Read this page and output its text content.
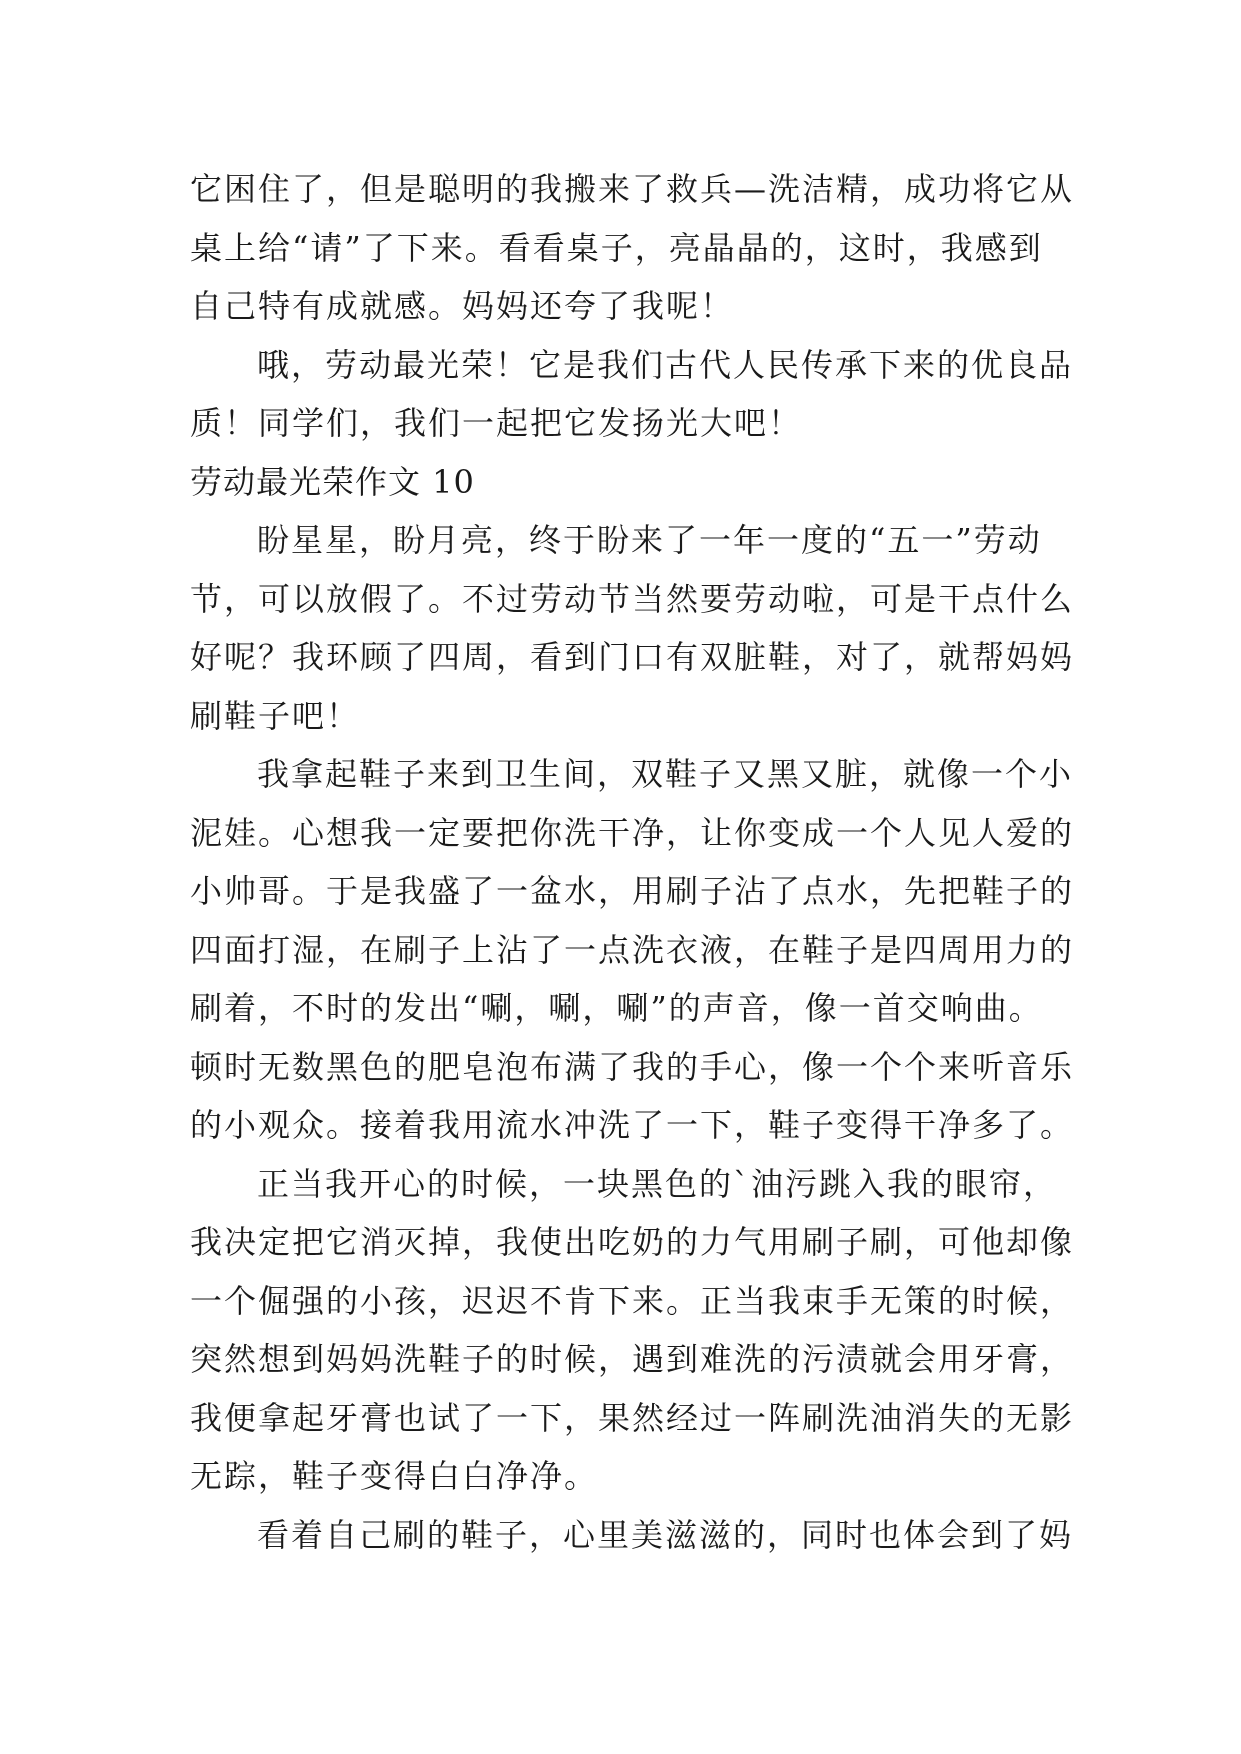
它困住了，但是聪明的我搬来了救兵—洗洁精，成功将它从
桌上给“请”了下来。看看桌子，亮晶晶的，这时，我感到
自己特有成就感。妈妈还夸了我呢！
哦，劳动最光荣！它是我们古代人民传承下来的优良品
质！同学们，我们一起把它发扬光大吧！
劳动最光荣作文 10
盼星星，盼月亮，终于盼来了一年一度的“五一”劳动
节，可以放假了。不过劳动节当然要劳动啦，可是干点什么
好呢？我环顾了四周，看到门口有双脏鞋，对了，就帮妈妈
刷鞋子吧！
我拿起鞋子来到卫生间，双鞋子又黑又脏，就像一个小
泥娃。心想我一定要把你洗干净，让你变成一个人见人爱的
小帅哥。于是我盛了一盆水，用刷子沾了点水，先把鞋子的
四面打湿，在刷子上沾了一点洗衣液，在鞋子是四周用力的
刷着，不时的发出“唰，唰，唰”的声音，像一首交响曲。
顿时无数黑色的肥皂泡布满了我的手心，像一个个来听音乐
的小观众。接着我用流水冲洗了一下，鞋子变得干净多了。
正当我开心的时候，一块黑色的`油污跳入我的眼帘，
我决定把它消灭掉，我使出吃奶的力气用刷子刷，可他却像
一个倔强的小孩，迟迟不肯下来。正当我束手无策的时候，
突然想到妈妈洗鞋子的时候，遇到难洗的污渍就会用牙膏，
我便拿起牙膏也试了一下，果然经过一阵刷洗油消失的无影
无踪，鞋子变得白白净净。
看着自己刷的鞋子，心里美滋滋的，同时也体会到了妈
